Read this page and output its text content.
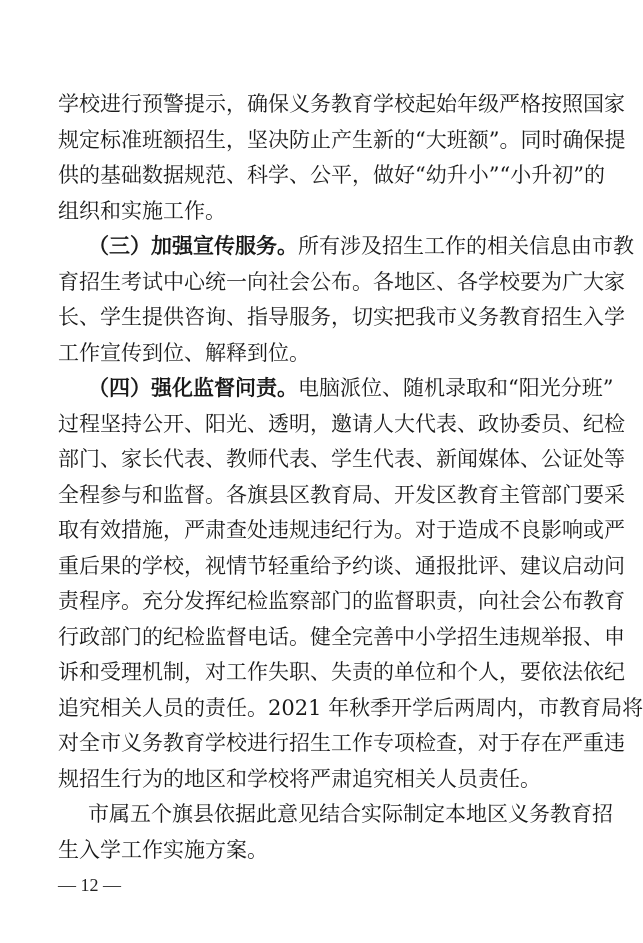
学校进行预警提示，确保义务教育学校起始年级严格按照国家
规定标准班额招生，坚决防止产生新的“大班额”。同时确保提
供的基础数据规范、科学、公平，做好“幼升小”“小升初”的
组织和实施工作。
（三）加强宣传服务。所有涉及招生工作的相关信息由市教
育招生考试中心统一向社会公布。各地区、各学校要为广大家
长、学生提供咨询、指导服务，切实把我市义务教育招生入学
工作宣传到位、解释到位。
（四）强化监督问责。电脑派位、随机录取和“阳光分班”
过程坚持公开、阳光、透明，邀请人大代表、政协委员、纪检
部门、家长代表、教师代表、学生代表、新闻媒体、公证处等
全程参与和监督。各旗县区教育局、开发区教育主管部门要采
取有效措施，严肃查处违规违纪行为。对于造成不良影响或严
重后果的学校，视情节轻重给予约谈、通报批评、建议启动问
责程序。充分发挥纪检监察部门的监督职责，向社会公布教育
行政部门的纪检监督电话。健全完善中小学招生违规举报、申
诉和受理机制，对工作失职、失责的单位和个人，要依法依纪
追究相关人员的责任。2021 年秋季开学后两周内，市教育局将
对全市义务教育学校进行招生工作专项检查，对于存在严重违
规招生行为的地区和学校将严肃追究相关人员责任。
市属五个旗县依据此意见结合实际制定本地区义务教育招
生入学工作实施方案。
— 12 —
